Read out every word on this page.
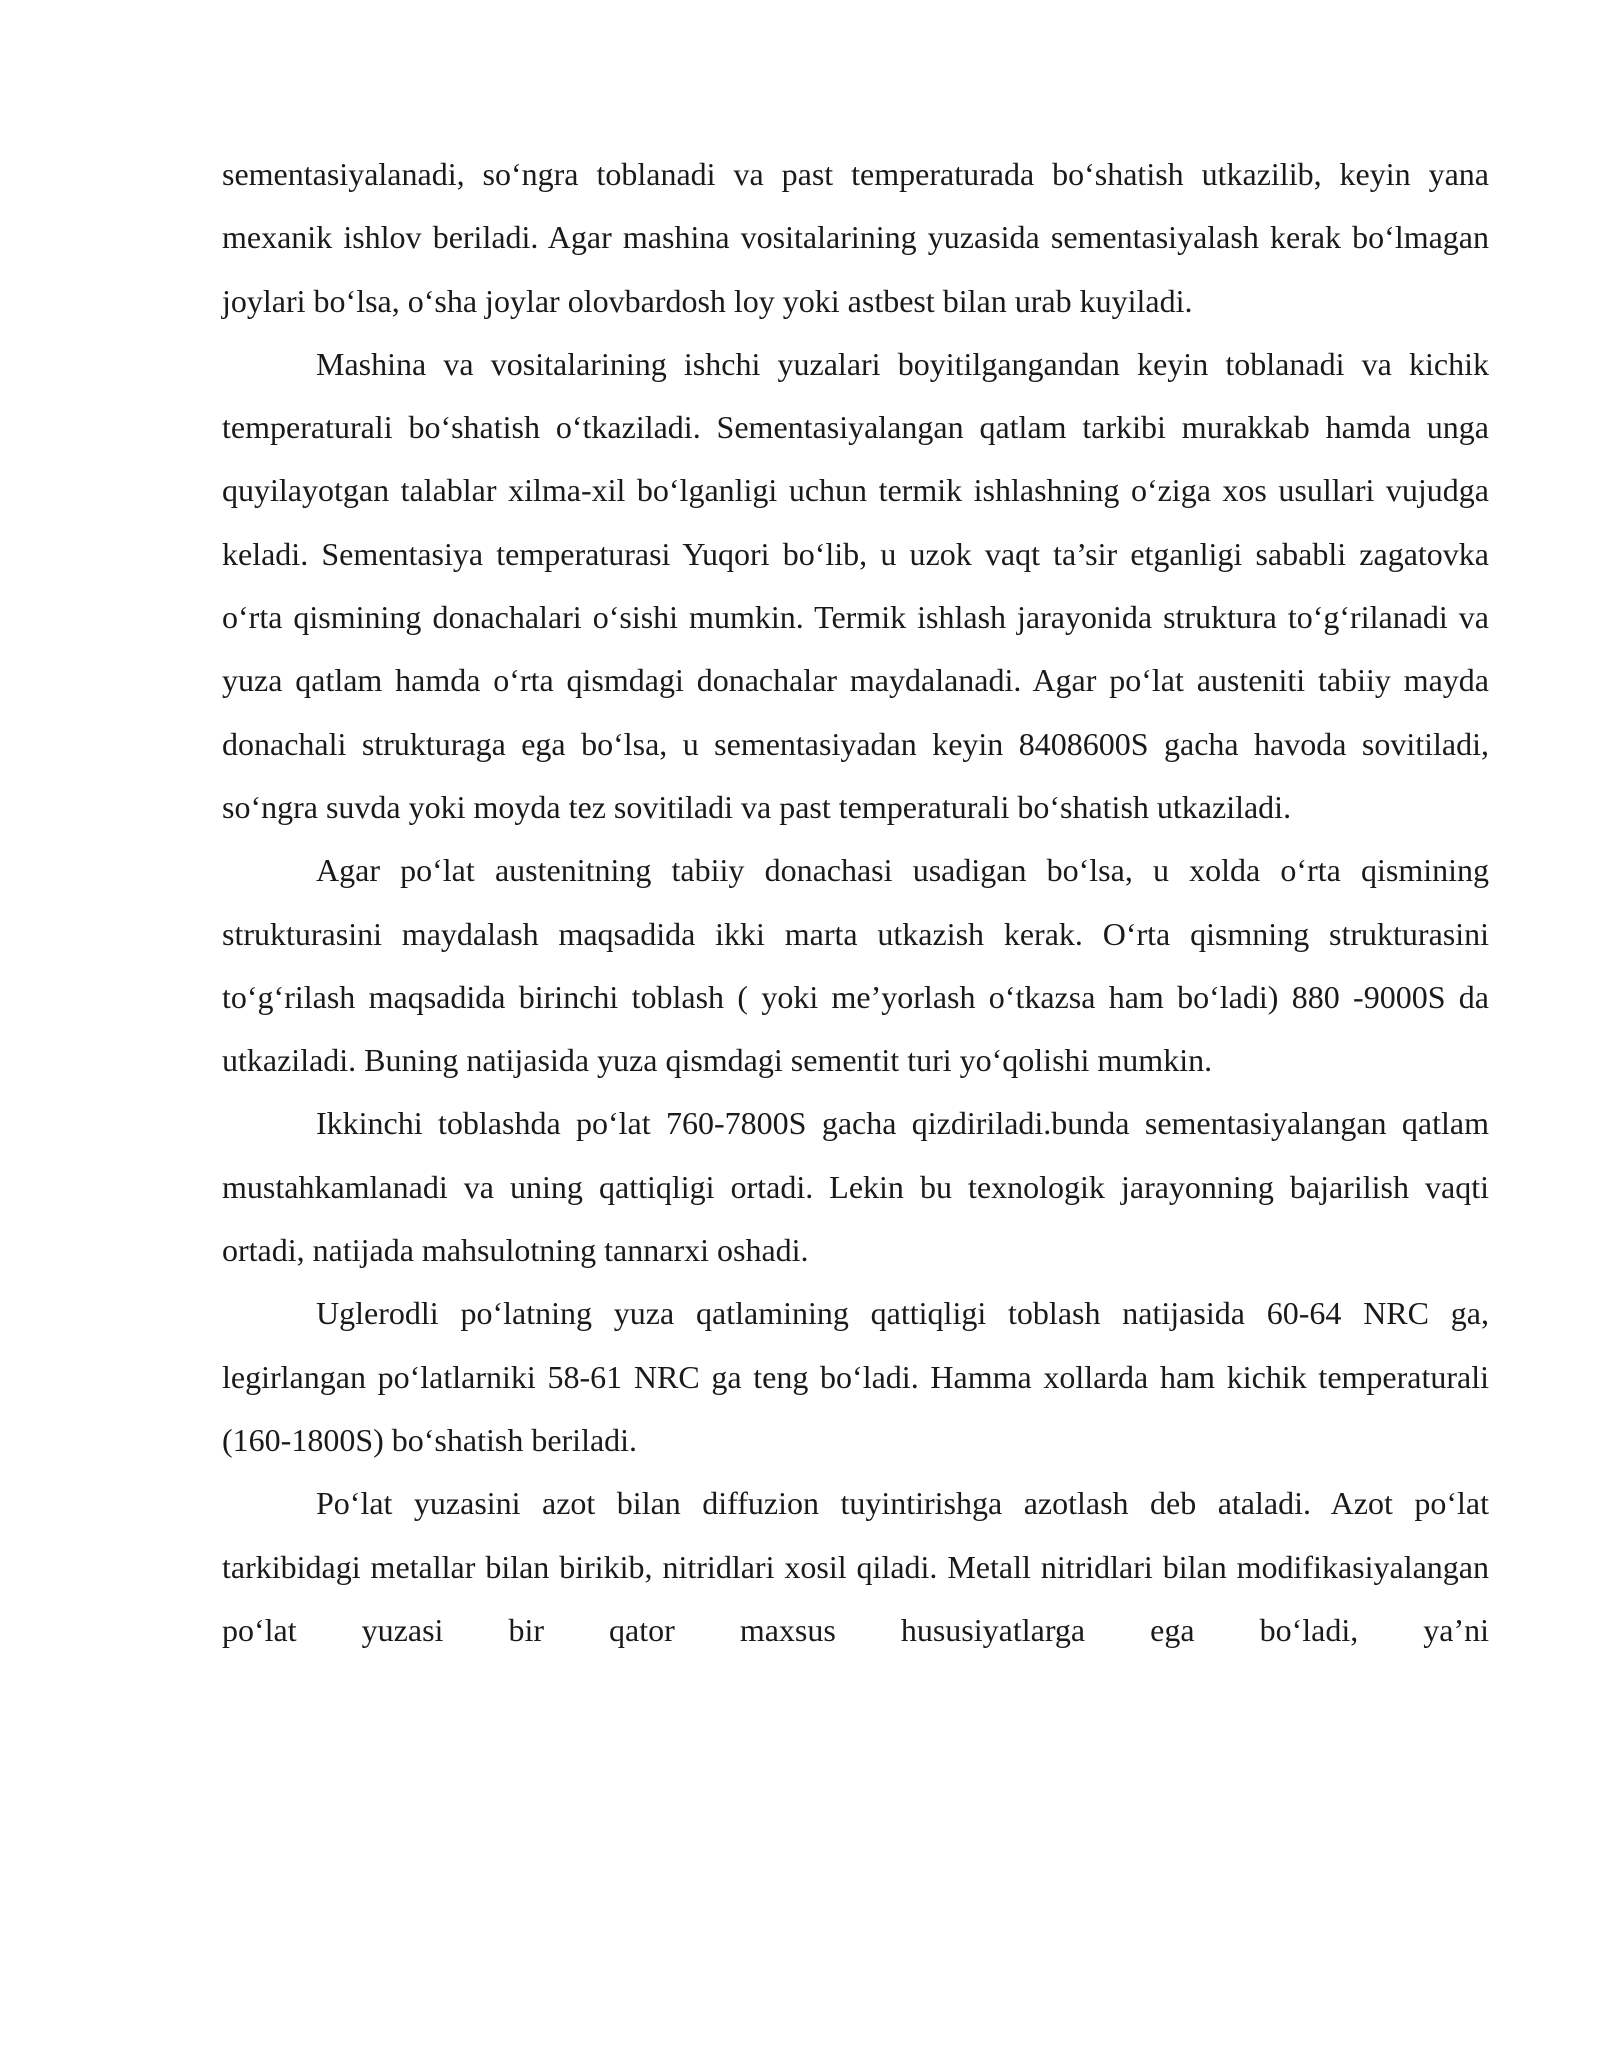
sementasiyalanadi, so‘ngra toblanadi va past temperaturada bo‘shatish utkazilib, keyin yana mexanik ishlov beriladi. Agar mashina vositalarining yuzasida sementasiyalash kerak bo‘lmagan joylari bo‘lsa, o‘sha joylar olovbardosh loy yoki astbest bilan urab kuyiladi.

Mashina va vositalarining ishchi yuzalari boyitilgangandan keyin toblanadi va kichik temperaturali bo‘shatish o‘tkaziladi. Sementasiyalangan qatlam tarkibi murakkab hamda unga quyilayotgan talablar xilma-xil bo‘lganligi uchun termik ishlashning o‘ziga xos usullari vujudga keladi. Sementasiya temperaturasi Yuqori bo‘lib, u uzok vaqt ta’sir etganligi sababli zagatovka o‘rta qismining donachalari o‘sishi mumkin. Termik ishlash jarayonida struktura to‘g‘rilanadi va yuza qatlam hamda o‘rta qismdagi donachalar maydalanadi. Agar po‘lat austeniti tabiiy mayda donachali strukturaga ega bo‘lsa, u sementasiyadan keyin 8408600S gacha havoda sovitiladi, so‘ngra suvda yoki moyda tez sovitiladi va past temperaturali bo‘shatish utkaziladi.

Agar po‘lat austenitning tabiiy donachasi usadigan bo‘lsa, u xolda o‘rta qismining strukturasini maydalash maqsadida ikki marta utkazish kerak. O‘rta qismning strukturasini to‘g‘rilash maqsadida birinchi toblash ( yoki me’yorlash o‘tkazsa ham bo‘ladi) 880 -9000S da utkaziladi. Buning natijasida yuza qismdagi sementit turi yo‘qolishi mumkin.

Ikkinchi toblashda po‘lat 760-7800S gacha qizdiriladi.bunda sementasiyalangan qatlam mustahkamlanadi va uning qattiqligi ortadi. Lekin bu texnologik jarayonning bajarilish vaqti ortadi, natijada mahsulotning tannarxi oshadi.

Uglerodli po‘latning yuza qatlamining qattiqligi toblash natijasida 60-64 NRC ga, legirlangan po‘latlarniki 58-61 NRC ga teng bo‘ladi. Hamma xollarda ham kichik temperaturali (160-1800S) bo‘shatish beriladi.

Po‘lat yuzasini azot bilan diffuzion tuyintirishga azotlash deb ataladi. Azot po‘lat tarkibidagi metallar bilan birikib, nitridlari xosil qiladi. Metall nitridlari bilan modifikasiyalangan po‘lat yuzasi bir qator maxsus hususiyatlarga ega bo‘ladi, ya’ni
